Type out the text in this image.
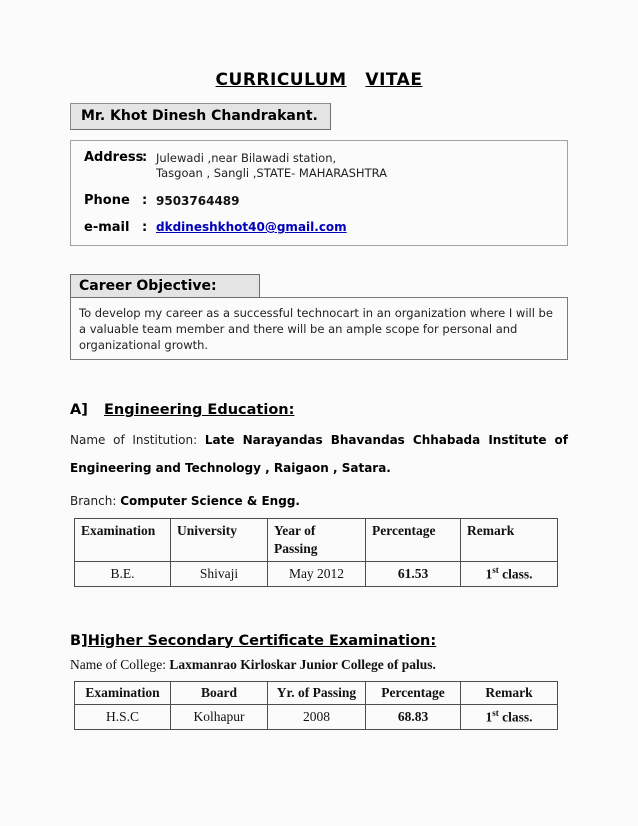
CURRICULUM VITAE
Mr. Khot Dinesh Chandrakant.
Address
: Julewadi ,near Bilawadi station,
Tasgoan , Sangli ,STATE- MAHARASHTRA
Phone : 9503764489
e-mail : dkdineshkhot40@gmail.com
Career Objective:
To develop my career as a successful technocart in an organization where I will be a valuable team member and there will be an ample scope for personal and organizational growth.
A] Engineering Education:

Name of Institution: Late Narayandas Bhavandas Chhabada Institute of Engineering and Technology , Raigaon , Satara.

Branch: Computer Science & Engg.

Examination	University	Year of Passing	Percentage	Remark
B.E.	Shivaji	May 2012	61.53	1st class.
B]Higher Secondary Certificate Examination:

Name of College: Laxmanrao Kirloskar Junior College of palus.

Examination	Board	Yr. of Passing	Percentage	Remark
H.S.C	Kolhapur	2008	68.83	1st class.
